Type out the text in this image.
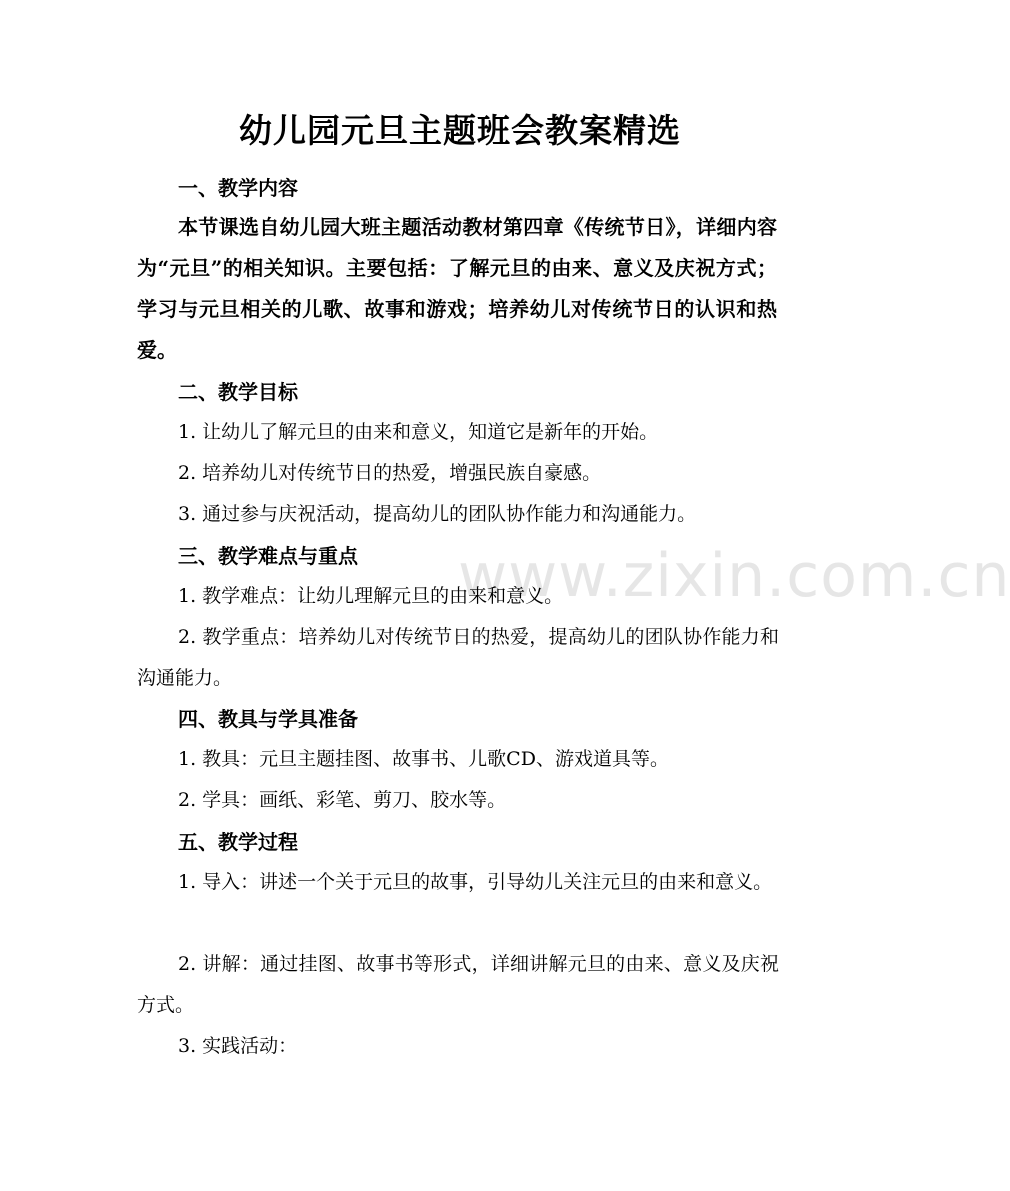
www.zixin.com.cn
幼儿园元旦主题班会教案精选
一、教学内容
本节课选自幼儿园大班主题活动教材第四章《传统节日》，详细内容为“元旦”的相关知识。主要包括：了解元旦的由来、意义及庆祝方式；学习与元旦相关的儿歌、故事和游戏；培养幼儿对传统节日的认识和热爱。
二、教学目标
1. 让幼儿了解元旦的由来和意义，知道它是新年的开始。
2. 培养幼儿对传统节日的热爱，增强民族自豪感。
3. 通过参与庆祝活动，提高幼儿的团队协作能力和沟通能力。
三、教学难点与重点
1. 教学难点：让幼儿理解元旦的由来和意义。
2. 教学重点：培养幼儿对传统节日的热爱，提高幼儿的团队协作能力和沟通能力。
四、教具与学具准备
1. 教具：元旦主题挂图、故事书、儿歌CD、游戏道具等。
2. 学具：画纸、彩笔、剪刀、胶水等。
五、教学过程
1. 导入：讲述一个关于元旦的故事，引导幼儿关注元旦的由来和意义。
2. 讲解：通过挂图、故事书等形式，详细讲解元旦的由来、意义及庆祝方式。
3. 实践活动：
